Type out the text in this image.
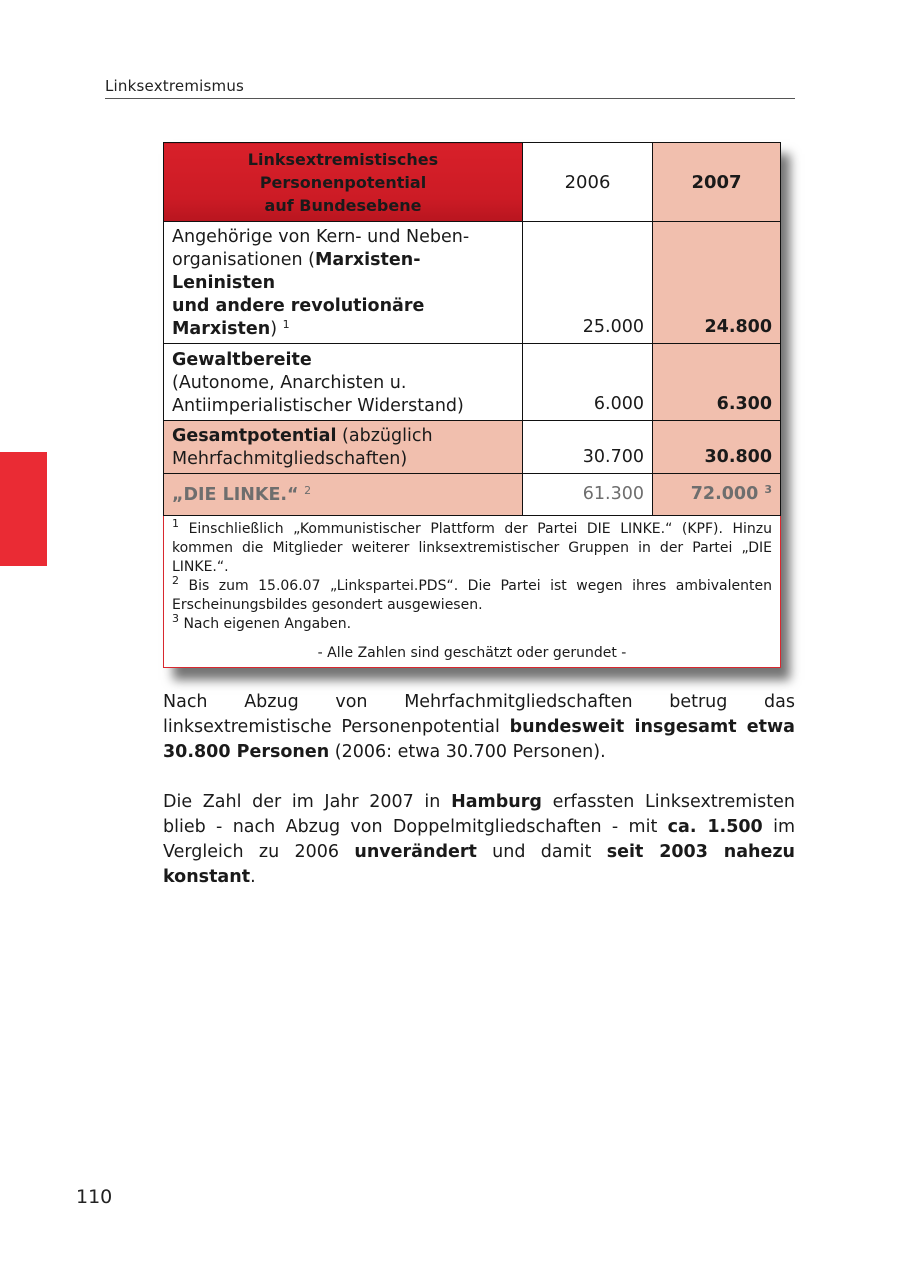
Linksextremismus
Linksextremistisches
Personenpotential
auf Bundesebene	2006	2007

Angehörige von Kern- und Neben-
organisationen (Marxisten-Leninisten
und andere revolutionäre Marxisten) $^1$	25.000	24.800

Gewaltbereite
(Autonome, Anarchisten u.
Antiimperialistischer Widerstand)	6.000	6.300

Gesamtpotential (abzüglich
Mehrfachmitgliedschaften)	30.700	30.800
„DIE LINKE.“ $^2$	61.300	72.000 $^3$

$^1$ Einschließlich „Kommunistischer Plattform der Partei DIE LINKE.“ (KPF). Hinzu kommen die Mitglieder weiterer linksextremistischer Gruppen in der Partei „DIE LINKE.“.

$^2$ Bis zum 15.06.07 „Linkspartei.PDS“. Die Partei ist wegen ihres ambivalenten Erscheinungsbildes gesondert ausgewiesen.

$^3$ Nach eigenen Angaben.

- Alle Zahlen sind geschätzt oder gerundet -		

Nach Abzug von Mehrfachmitgliedschaften betrug das linksextremistische Personenpotential bundesweit insgesamt etwa 30.800 Personen (2006: etwa 30.700 Personen).

Die Zahl der im Jahr 2007 in Hamburg erfassten Linksextremisten blieb - nach Abzug von Doppelmitgliedschaften - mit ca. 1.500 im Vergleich zu 2006 unverändert und damit seit 2003 nahezu konstant.

110
